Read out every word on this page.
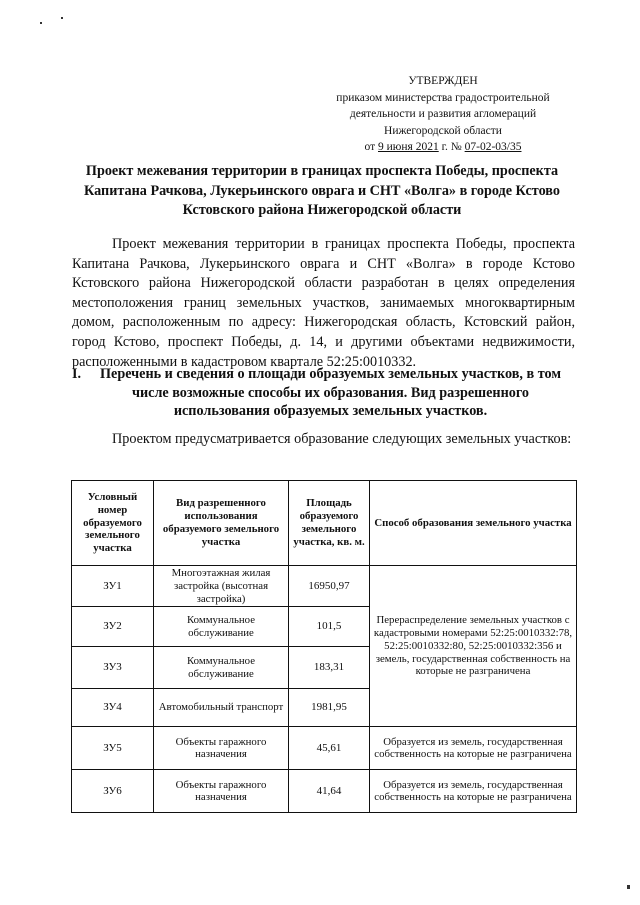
УТВЕРЖДЕН
приказом министерства градостроительной
деятельности и развития агломераций
Нижегородской области
от 9 июня 2021 г. № 07-02-03/35
Проект межевания территории в границах проспекта Победы, проспекта Капитана Рачкова, Лукерьинского оврага и СНТ «Волга» в городе Кстово Кстовского района Нижегородской области
Проект межевания территории в границах проспекта Победы, проспекта Капитана Рачкова, Лукерьинского оврага и СНТ «Волга» в городе Кстово Кстовского района Нижегородской области разработан в целях определения местоположения границ земельных участков, занимаемых многоквартирным домом, расположенным по адресу: Нижегородская область, Кстовский район, город Кстово, проспект Победы, д. 14, и другими объектами недвижимости, расположенными в кадастровом квартале 52:25:0010332.
I.	Перечень и сведения о площади образуемых земельных участков, в том числе возможные способы их образования. Вид разрешенного использования образуемых земельных участков.
Проектом предусматривается образование следующих земельных участков:
Условный номер образуемого земельного участка	Вид разрешенного использования образуемого земельного участка	Площадь образуемого земельного участка, кв. м.	Способ образования земельного участка
ЗУ1	Многоэтажная жилая застройка (высотная застройка)	16950,97	Перераспределение земельных участков с кадастровыми номерами 52:25:0010332:78, 52:25:0010332:80, 52:25:0010332:356 и земель, государственная собственность на которые не разграничена
ЗУ2	Коммунальное обслуживание	101,5	
ЗУ3	Коммунальное обслуживание	183,31	
ЗУ4	Автомобильный транспорт	1981,95	
ЗУ5	Объекты гаражного назначения	45,61	Образуется из земель, государственная собственность на которые не разграничена
ЗУ6	Объекты гаражного назначения	41,64	Образуется из земель, государственная собственность на которые не разграничена
